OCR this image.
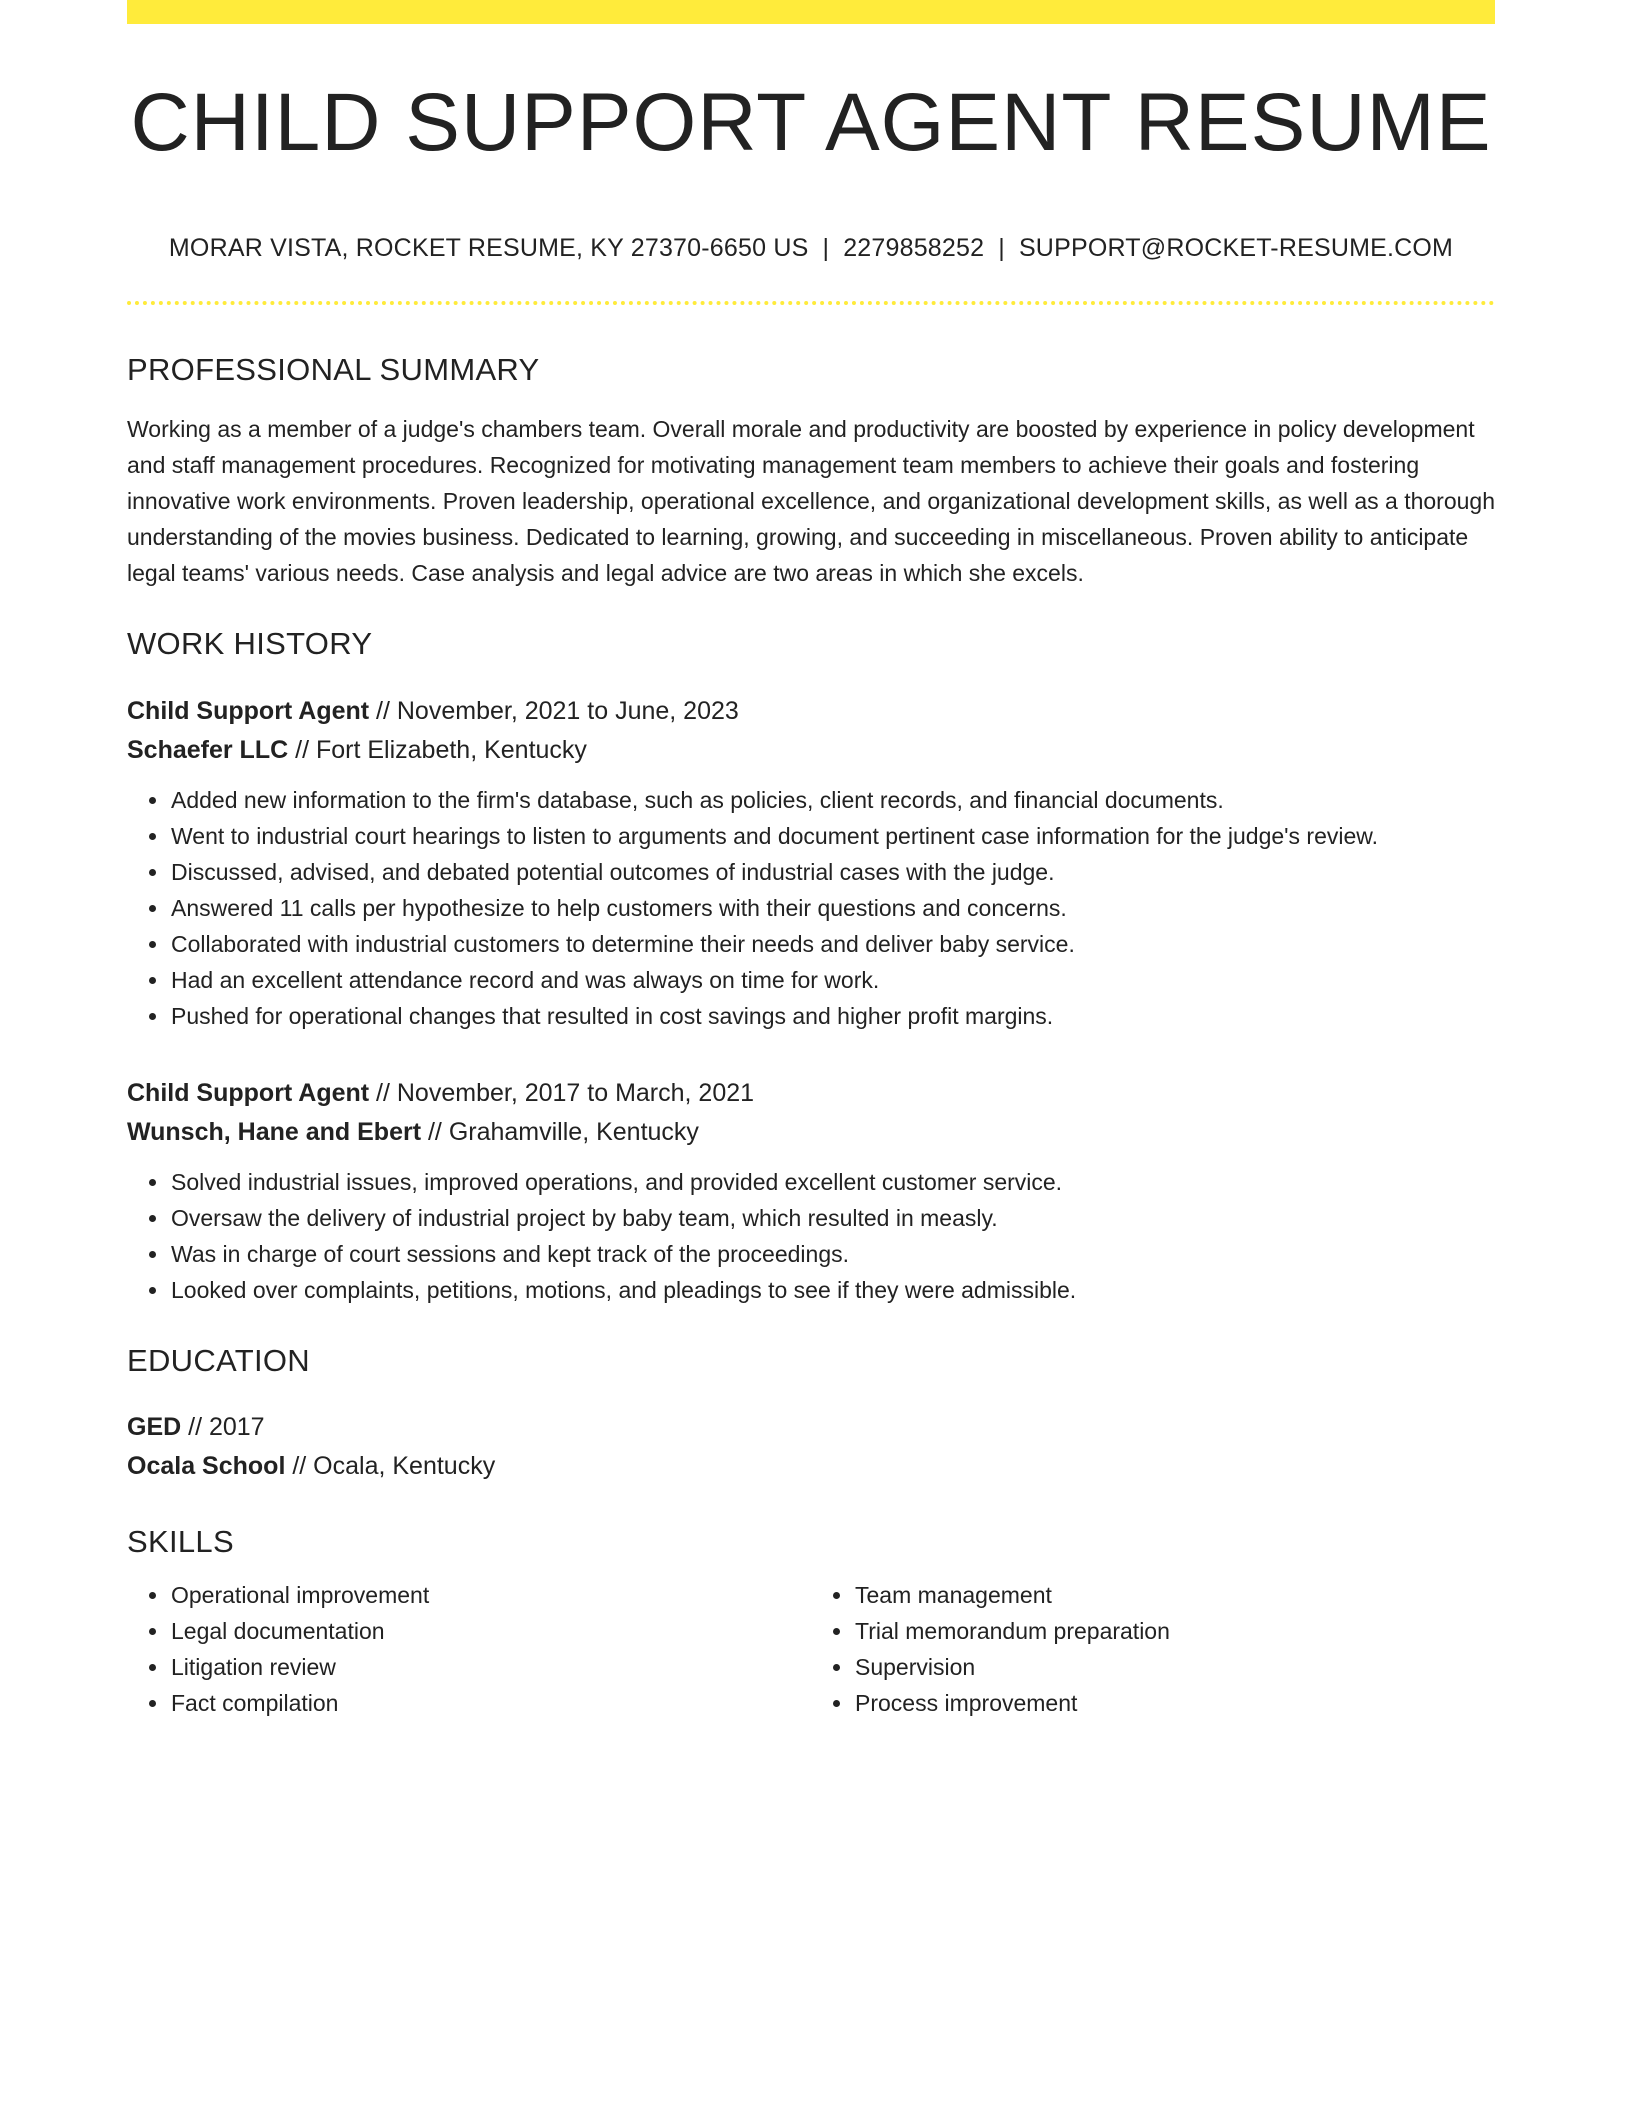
CHILD SUPPORT AGENT RESUME
MORAR VISTA, ROCKET RESUME, KY 27370-6650 US | 2279858252 | SUPPORT@ROCKET-RESUME.COM
PROFESSIONAL SUMMARY
Working as a member of a judge's chambers team. Overall morale and productivity are boosted by experience in policy development and staff management procedures. Recognized for motivating management team members to achieve their goals and fostering innovative work environments. Proven leadership, operational excellence, and organizational development skills, as well as a thorough understanding of the movies business. Dedicated to learning, growing, and succeeding in miscellaneous. Proven ability to anticipate legal teams' various needs. Case analysis and legal advice are two areas in which she excels.
WORK HISTORY
Child Support Agent // November, 2021 to June, 2023
Schaefer LLC // Fort Elizabeth, Kentucky
• Added new information to the firm's database, such as policies, client records, and financial documents.
• Went to industrial court hearings to listen to arguments and document pertinent case information for the judge's review.
• Discussed, advised, and debated potential outcomes of industrial cases with the judge.
• Answered 11 calls per hypothesize to help customers with their questions and concerns.
• Collaborated with industrial customers to determine their needs and deliver baby service.
• Had an excellent attendance record and was always on time for work.
• Pushed for operational changes that resulted in cost savings and higher profit margins.
Child Support Agent // November, 2017 to March, 2021
Wunsch, Hane and Ebert // Grahamville, Kentucky
• Solved industrial issues, improved operations, and provided excellent customer service.
• Oversaw the delivery of industrial project by baby team, which resulted in measly.
• Was in charge of court sessions and kept track of the proceedings.
• Looked over complaints, petitions, motions, and pleadings to see if they were admissible.
EDUCATION
GED // 2017
Ocala School // Ocala, Kentucky
SKILLS
• Operational improvement
• Legal documentation
• Litigation review
• Fact compilation
• Team management
• Trial memorandum preparation
• Supervision
• Process improvement
